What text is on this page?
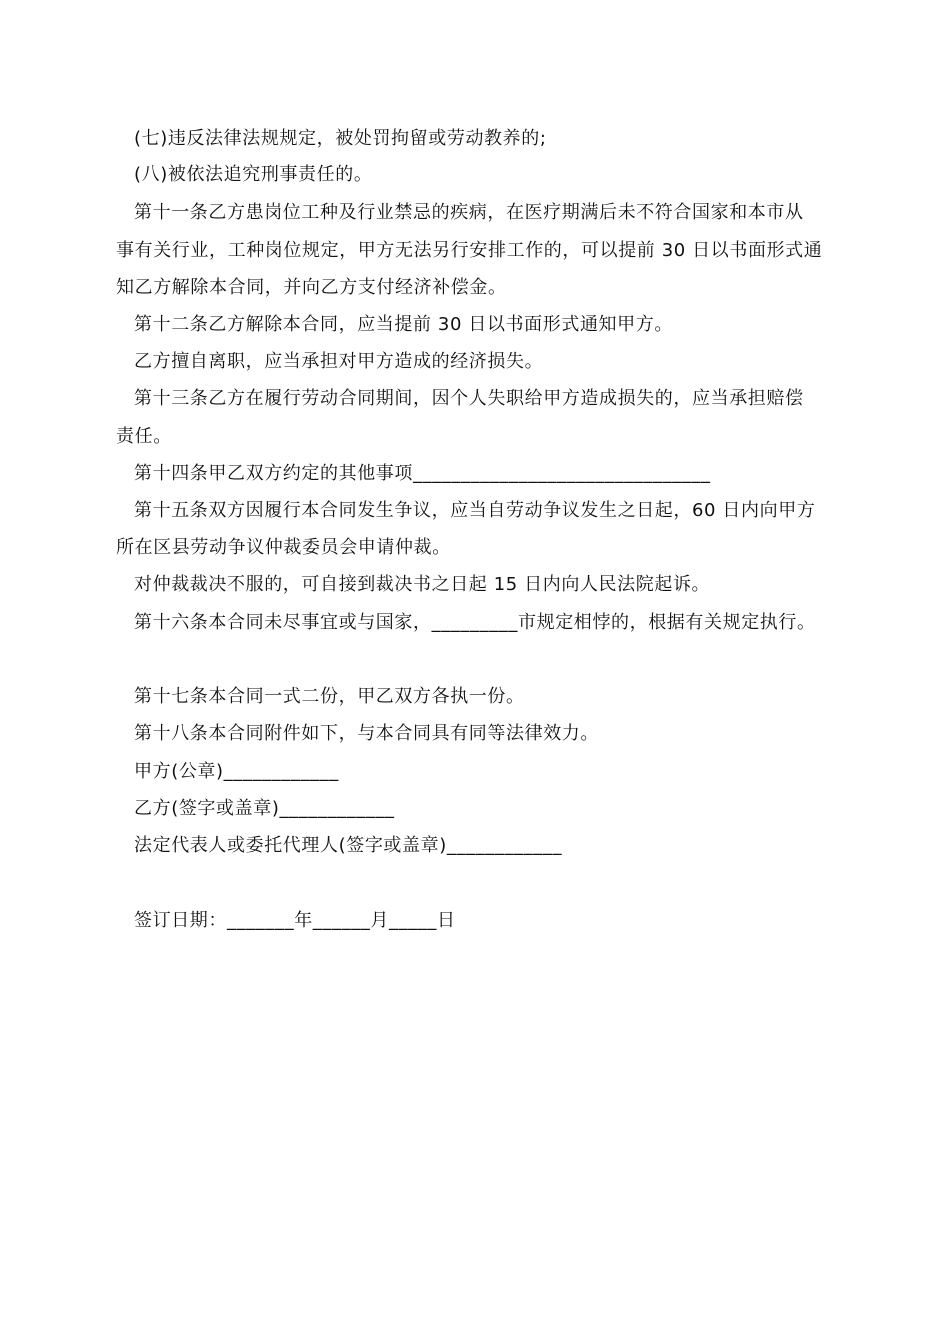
(七)违反法律法规规定，被处罚拘留或劳动教养的;
(八)被依法追究刑事责任的。
第十一条乙方患岗位工种及行业禁忌的疾病，在医疗期满后未不符合国家和本市从
事有关行业，工种岗位规定，甲方无法另行安排工作的，可以提前 30 日以书面形式通
知乙方解除本合同，并向乙方支付经济补偿金。
第十二条乙方解除本合同，应当提前 30 日以书面形式通知甲方。
乙方擅自离职，应当承担对甲方造成的经济损失。
第十三条乙方在履行劳动合同期间，因个人失职给甲方造成损失的，应当承担赔偿
责任。
第十四条甲乙双方约定的其他事项_______________________________
第十五条双方因履行本合同发生争议，应当自劳动争议发生之日起，60 日内向甲方
所在区县劳动争议仲裁委员会申请仲裁。
对仲裁裁决不服的，可自接到裁决书之日起 15 日内向人民法院起诉。
第十六条本合同未尽事宜或与国家，_________市规定相悖的，根据有关规定执行。
第十七条本合同一式二份，甲乙双方各执一份。
第十八条本合同附件如下，与本合同具有同等法律效力。
甲方(公章)____________
乙方(签字或盖章)____________
法定代表人或委托代理人(签字或盖章)____________
签订日期：_______年______月_____日
